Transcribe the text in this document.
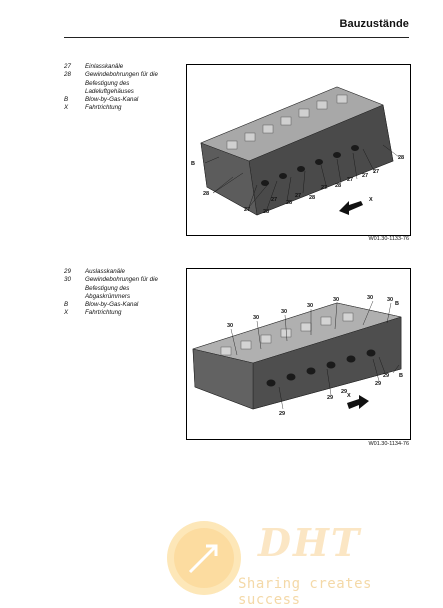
Bauzustände
27	Einlasskanäle
28	Gewindebohrungen für die Befestigung des Ladeluftgehäuses
B	Blow-by-Gas-Kanal
X	Fahrtrichtung
B
28
27 28
27 28
27 28
27 28
27
27
27
28
X
W01.30-1133-76
29	Auslasskanäle
30	Gewindebohrungen für die Befestigung des Abgaskrümmers
B	Blow-by-Gas-Kanal
X	Fahrtrichtung
30
30
30
30
30	30	30
B
29
29
29
29
29
B
X
W01.30-1134-76
DHT
Sharing creates success
